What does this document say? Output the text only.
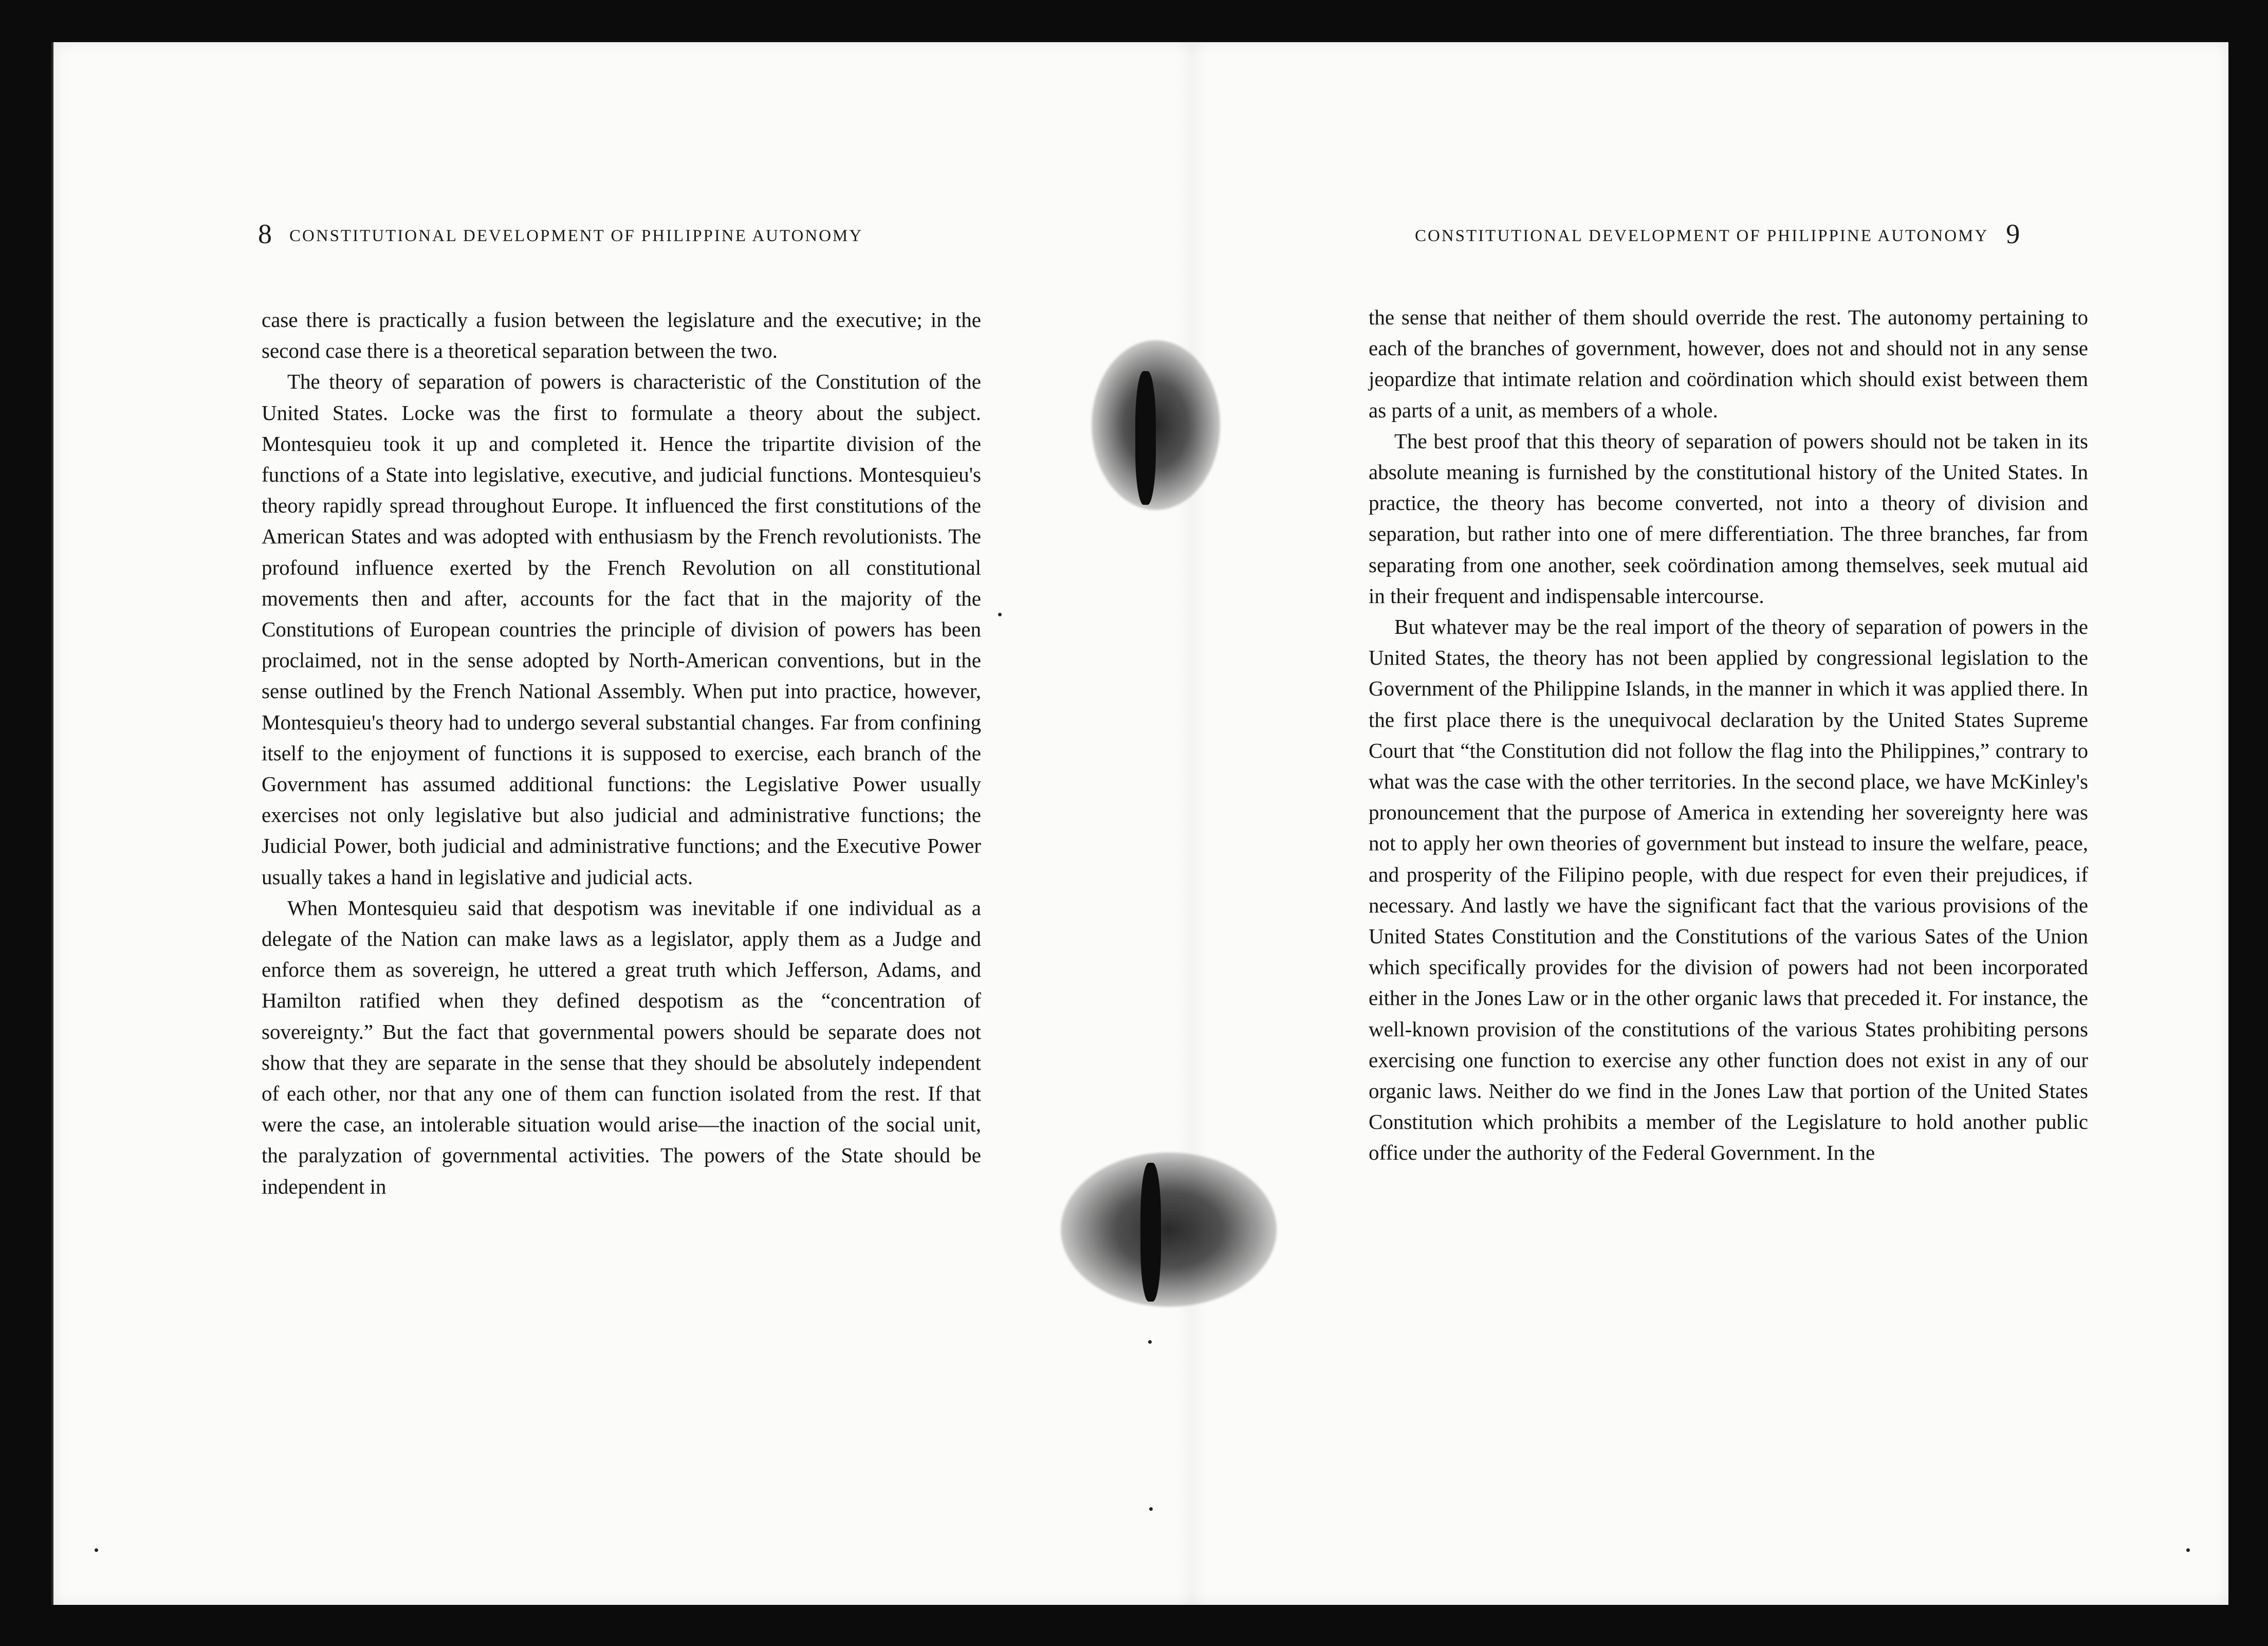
8 CONSTITUTIONAL DEVELOPMENT OF PHILIPPINE AUTONOMY

case there is practically a fusion between the legislature and the executive; in the second case there is a theoretical separation between the two.

The theory of separation of powers is characteristic of the Constitution of the United States. Locke was the first to formulate a theory about the subject. Montesquieu took it up and completed it. Hence the tripartite division of the functions of a State into legislative, executive, and judicial functions. Montesquieu's theory rapidly spread throughout Europe. It influenced the first constitutions of the American States and was adopted with enthusiasm by the French revolutionists. The profound influence exerted by the French Revolution on all constitutional movements then and after, accounts for the fact that in the majority of the Constitutions of European countries the principle of division of powers has been proclaimed, not in the sense adopted by North-American conventions, but in the sense outlined by the French National Assembly. When put into practice, however, Montesquieu's theory had to undergo several substantial changes. Far from confining itself to the enjoyment of functions it is supposed to exercise, each branch of the Government has assumed additional functions: the Legislative Power usually exercises not only legislative but also judicial and administrative functions; the Judicial Power, both judicial and administrative functions; and the Executive Power usually takes a hand in legislative and judicial acts.

When Montesquieu said that despotism was inevitable if one individual as a delegate of the Nation can make laws as a legislator, apply them as a Judge and enforce them as sovereign, he uttered a great truth which Jefferson, Adams, and Hamilton ratified when they defined despotism as the “concentration of sovereignty.” But the fact that governmental powers should be separate does not show that they are separate in the sense that they should be absolutely independent of each other, nor that any one of them can function isolated from the rest. If that were the case, an intolerable situation would arise—the inaction of the social unit, the paralyzation of governmental activities. The powers of the State should be independent in

CONSTITUTIONAL DEVELOPMENT OF PHILIPPINE AUTONOMY 9

the sense that neither of them should override the rest. The autonomy pertaining to each of the branches of government, however, does not and should not in any sense jeopardize that intimate relation and coördination which should exist between them as parts of a unit, as members of a whole.

The best proof that this theory of separation of powers should not be taken in its absolute meaning is furnished by the constitutional history of the United States. In practice, the theory has become converted, not into a theory of division and separation, but rather into one of mere differentiation. The three branches, far from separating from one another, seek coördination among themselves, seek mutual aid in their frequent and indispensable intercourse.

But whatever may be the real import of the theory of separation of powers in the United States, the theory has not been applied by congressional legislation to the Government of the Philippine Islands, in the manner in which it was applied there. In the first place there is the unequivocal declaration by the United States Supreme Court that “the Constitution did not follow the flag into the Philippines,” contrary to what was the case with the other territories. In the second place, we have McKinley's pronouncement that the purpose of America in extending her sovereignty here was not to apply her own theories of government but instead to insure the welfare, peace, and prosperity of the Filipino people, with due respect for even their prejudices, if necessary. And lastly we have the significant fact that the various provisions of the United States Constitution and the Constitutions of the various Sates of the Union which specifically provides for the division of powers had not been incorporated either in the Jones Law or in the other organic laws that preceded it. For instance, the well-known provision of the constitutions of the various States prohibiting persons exercising one function to exercise any other function does not exist in any of our organic laws. Neither do we find in the Jones Law that portion of the United States Constitution which prohibits a member of the Legislature to hold another public office under the authority of the Federal Government. In the
